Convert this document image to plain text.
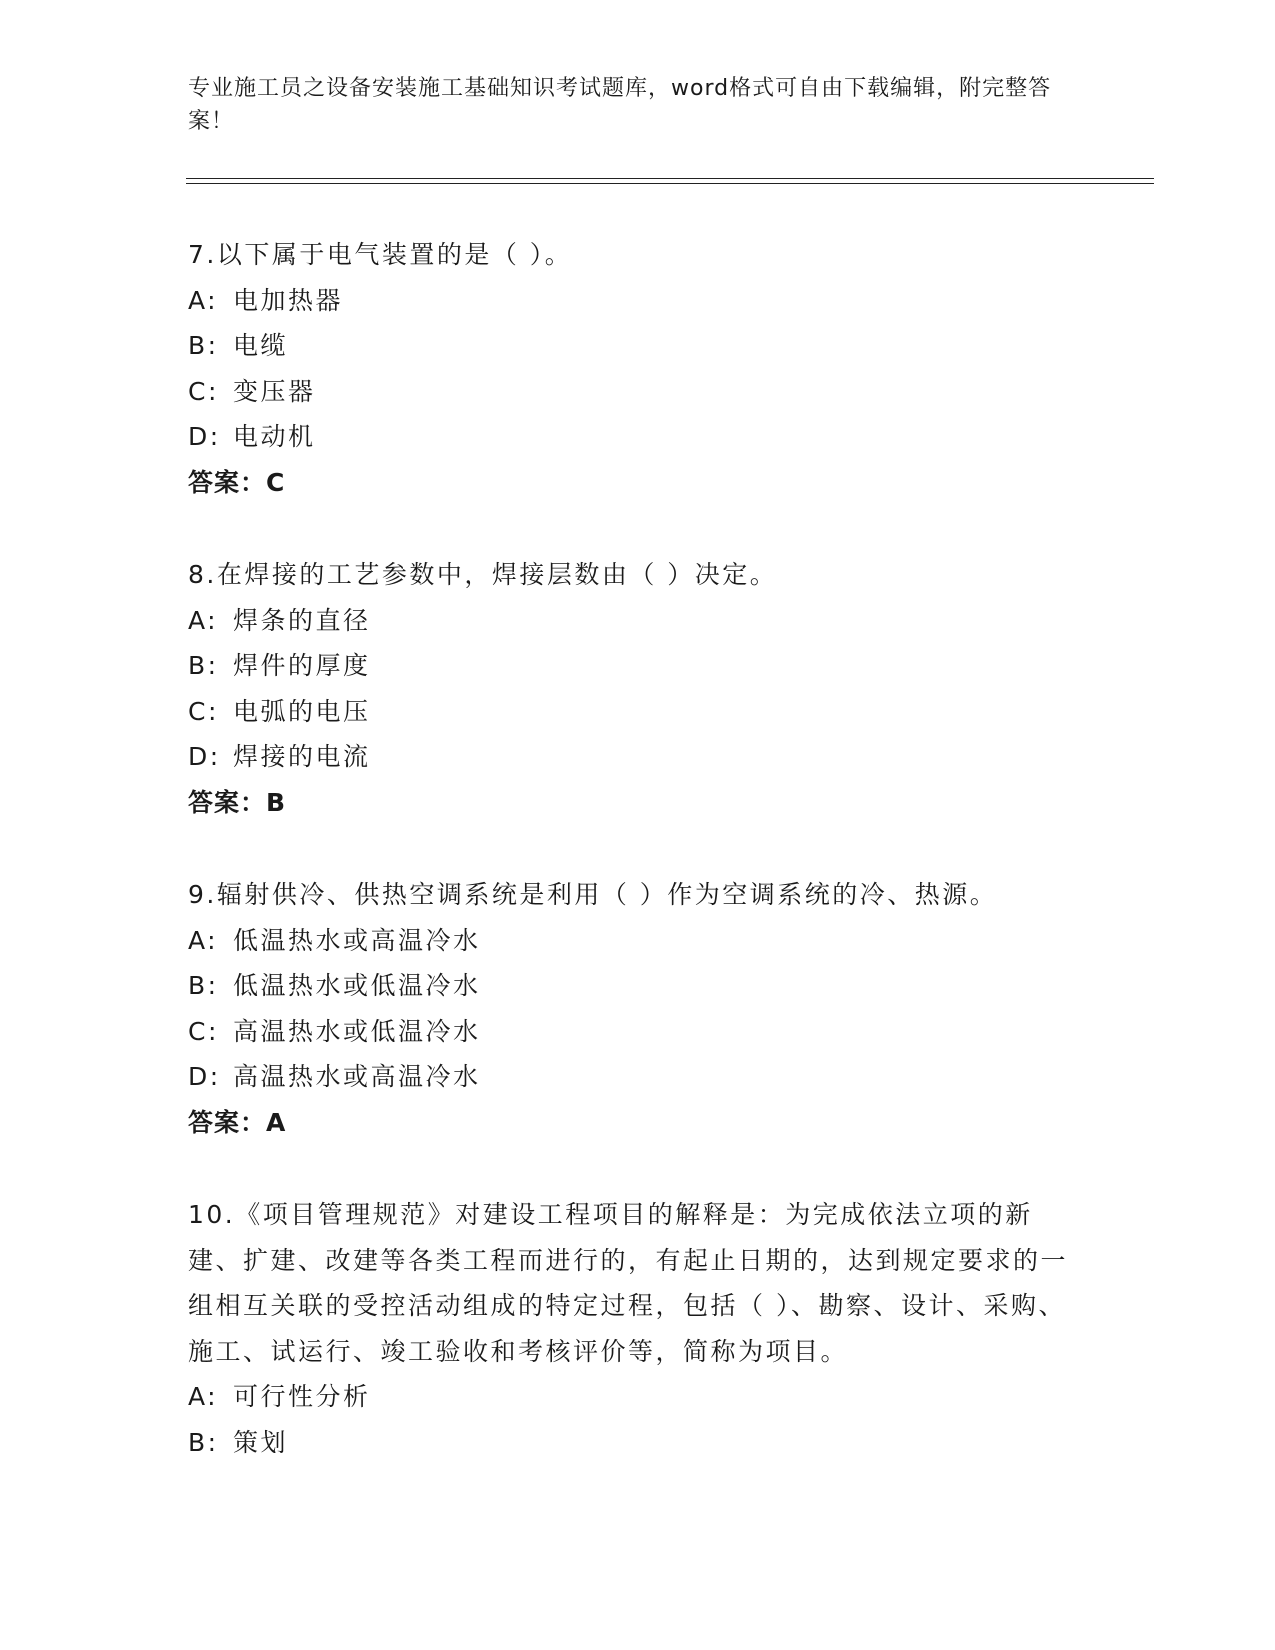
专业施工员之设备安装施工基础知识考试题库，word格式可自由下载编辑，附完整答案！

7.以下属于电气装置的是（ ）。

A: 电加热器

B: 电缆

C: 变压器

D: 电动机

答案：C

8.在焊接的工艺参数中，焊接层数由（ ）决定。

A: 焊条的直径

B: 焊件的厚度

C: 电弧的电压

D: 焊接的电流

答案：B

9.辐射供冷、供热空调系统是利用（ ）作为空调系统的冷、热源。

A: 低温热水或高温冷水

B: 低温热水或低温冷水

C: 高温热水或低温冷水

D: 高温热水或高温冷水

答案：A

10.《项目管理规范》对建设工程项目的解释是：为完成依法立项的新建、扩建、改建等各类工程而进行的，有起止日期的，达到规定要求的一组相互关联的受控活动组成的特定过程，包括（ ）、勘察、设计、采购、施工、试运行、竣工验收和考核评价等，简称为项目。

A: 可行性分析

B: 策划
